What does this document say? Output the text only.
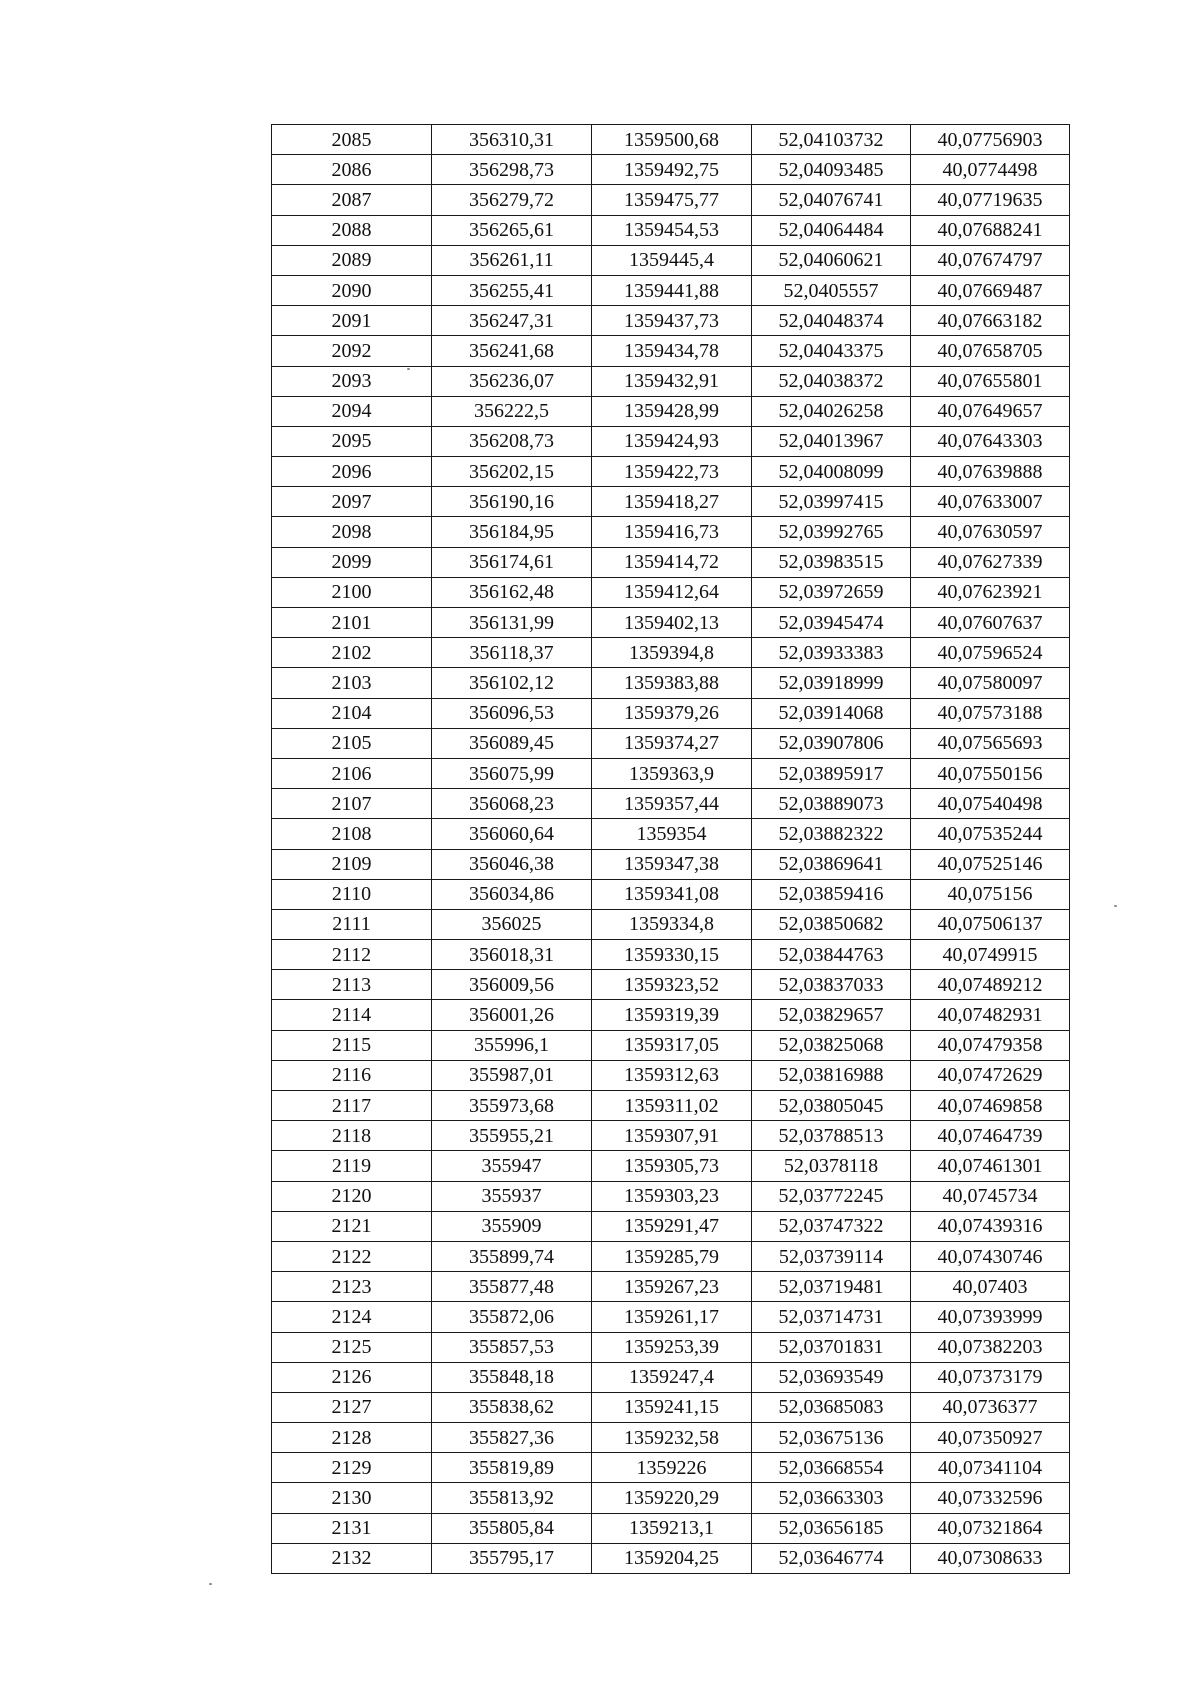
2085	356310,31	1359500,68	52,04103732	40,07756903
2086	356298,73	1359492,75	52,04093485	40,0774498
2087	356279,72	1359475,77	52,04076741	40,07719635
2088	356265,61	1359454,53	52,04064484	40,07688241
2089	356261,11	1359445,4	52,04060621	40,07674797
2090	356255,41	1359441,88	52,0405557	40,07669487
2091	356247,31	1359437,73	52,04048374	40,07663182
2092	356241,68	1359434,78	52,04043375	40,07658705
2093	356236,07	1359432,91	52,04038372	40,07655801
2094	356222,5	1359428,99	52,04026258	40,07649657
2095	356208,73	1359424,93	52,04013967	40,07643303
2096	356202,15	1359422,73	52,04008099	40,07639888
2097	356190,16	1359418,27	52,03997415	40,07633007
2098	356184,95	1359416,73	52,03992765	40,07630597
2099	356174,61	1359414,72	52,03983515	40,07627339
2100	356162,48	1359412,64	52,03972659	40,07623921
2101	356131,99	1359402,13	52,03945474	40,07607637
2102	356118,37	1359394,8	52,03933383	40,07596524
2103	356102,12	1359383,88	52,03918999	40,07580097
2104	356096,53	1359379,26	52,03914068	40,07573188
2105	356089,45	1359374,27	52,03907806	40,07565693
2106	356075,99	1359363,9	52,03895917	40,07550156
2107	356068,23	1359357,44	52,03889073	40,07540498
2108	356060,64	1359354	52,03882322	40,07535244
2109	356046,38	1359347,38	52,03869641	40,07525146
2110	356034,86	1359341,08	52,03859416	40,075156
2111	356025	1359334,8	52,03850682	40,07506137
2112	356018,31	1359330,15	52,03844763	40,0749915
2113	356009,56	1359323,52	52,03837033	40,07489212
2114	356001,26	1359319,39	52,03829657	40,07482931
2115	355996,1	1359317,05	52,03825068	40,07479358
2116	355987,01	1359312,63	52,03816988	40,07472629
2117	355973,68	1359311,02	52,03805045	40,07469858
2118	355955,21	1359307,91	52,03788513	40,07464739
2119	355947	1359305,73	52,0378118	40,07461301
2120	355937	1359303,23	52,03772245	40,0745734
2121	355909	1359291,47	52,03747322	40,07439316
2122	355899,74	1359285,79	52,03739114	40,07430746
2123	355877,48	1359267,23	52,03719481	40,07403
2124	355872,06	1359261,17	52,03714731	40,07393999
2125	355857,53	1359253,39	52,03701831	40,07382203
2126	355848,18	1359247,4	52,03693549	40,07373179
2127	355838,62	1359241,15	52,03685083	40,0736377
2128	355827,36	1359232,58	52,03675136	40,07350927
2129	355819,89	1359226	52,03668554	40,07341104
2130	355813,92	1359220,29	52,03663303	40,07332596
2131	355805,84	1359213,1	52,03656185	40,07321864
2132	355795,17	1359204,25	52,03646774	40,07308633
